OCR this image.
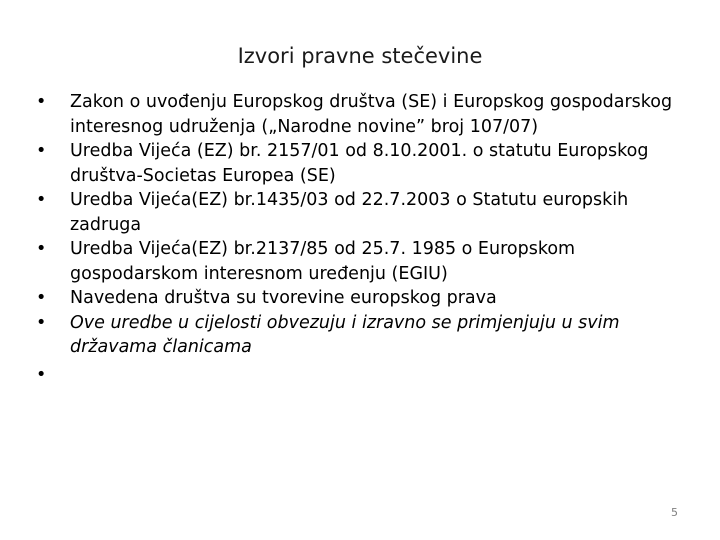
Izvori pravne stečevine
•	Zakon o uvođenju Europskog društva (SE) i Europskog gospodarskog interesnog udruženja („Narodne novine” broj 107/07)
•	Uredba Vijeća (EZ) br. 2157/01 od 8.10.2001. o statutu Europskog društva-Societas Europea (SE)
•	Uredba Vijeća(EZ) br.1435/03 od 22.7.2003 o Statutu europskih zadruga
•	Uredba Vijeća(EZ) br.2137/85 od 25.7. 1985 o Europskom gospodarskom interesnom uređenju (EGIU)
•	Navedena društva su tvorevine europskog prava
•	Ove uredbe u cijelosti obvezuju i izravno se primjenjuju u svim državama članicama
•
5
